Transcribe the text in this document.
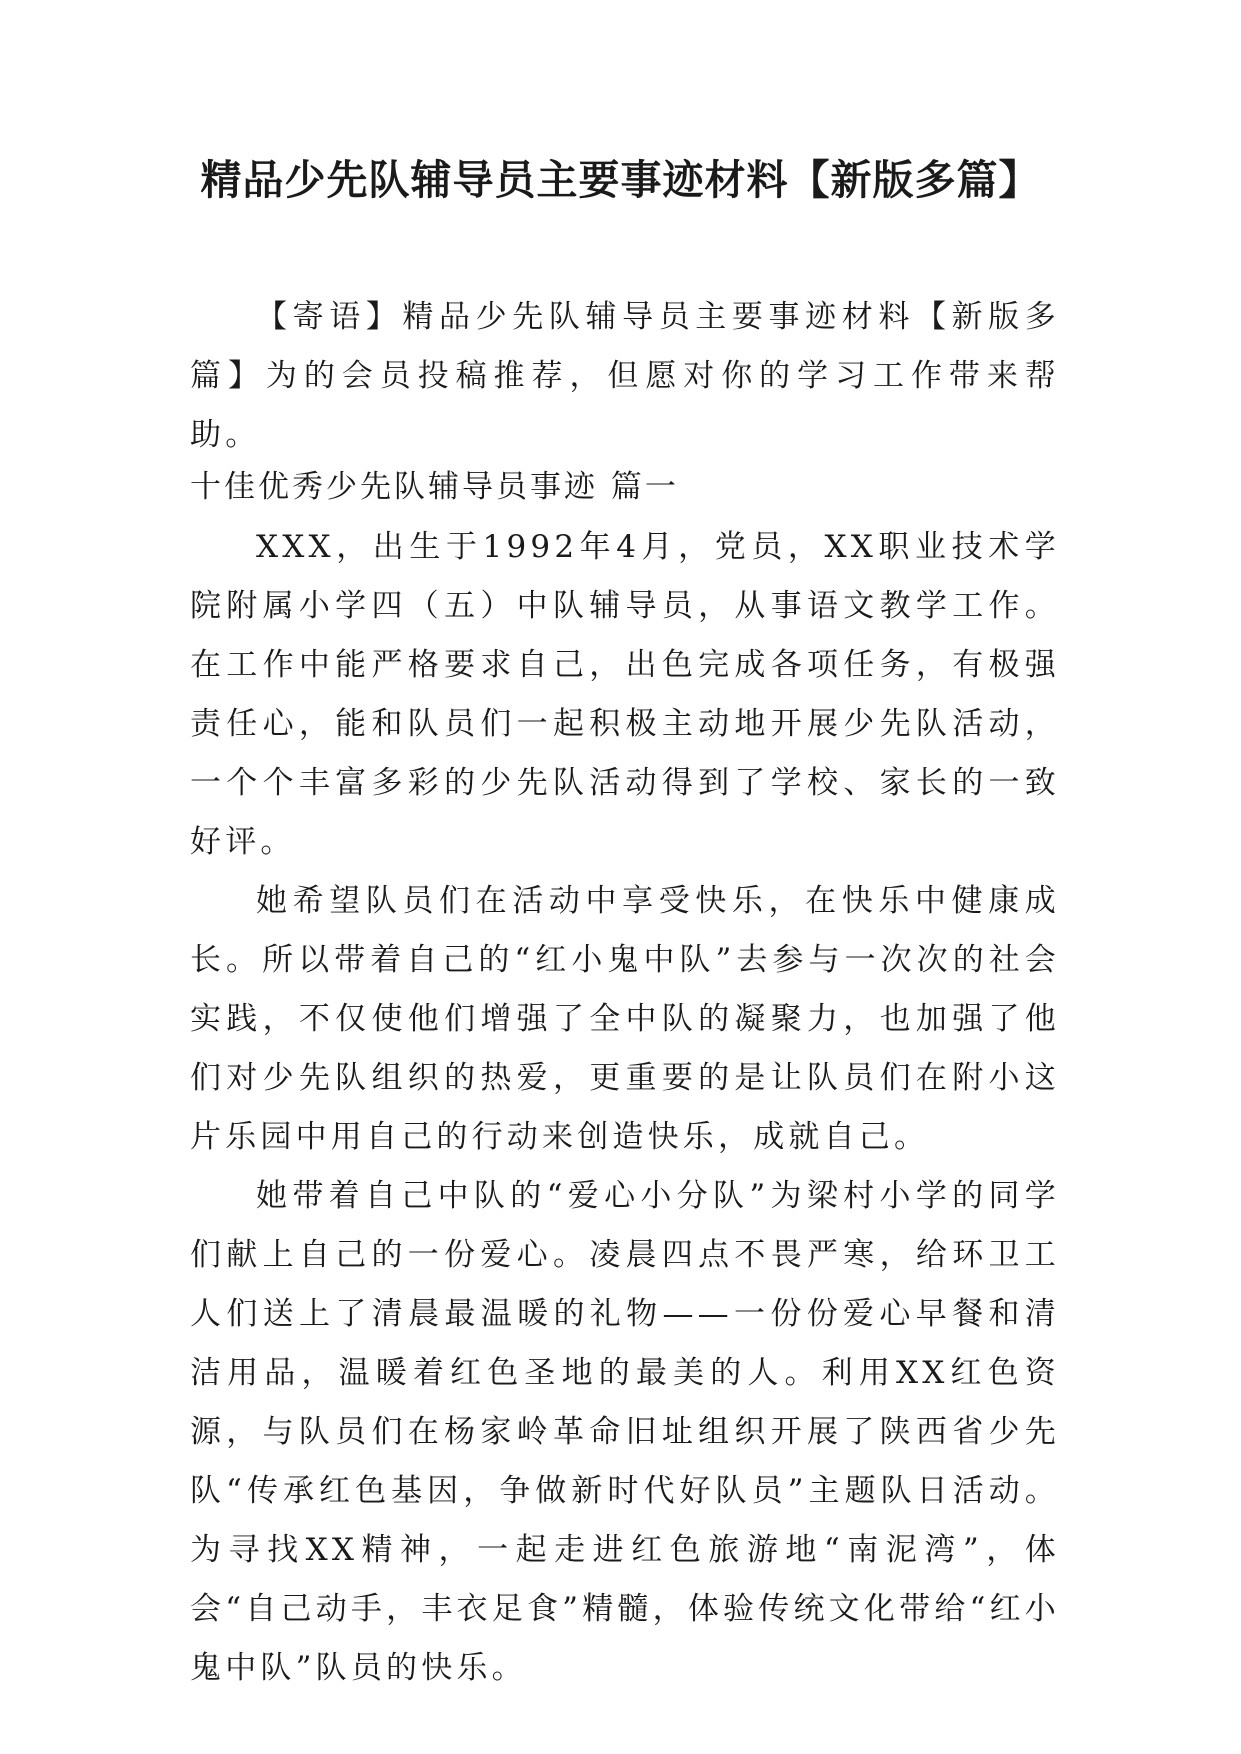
精品少先队辅导员主要事迹材料【新版多篇】

【寄语】精品少先队辅导员主要事迹材料【新版多篇】为的会员投稿推荐，但愿对你的学习工作带来帮助。

十佳优秀少先队辅导员事迹 篇一

XXX，出生于1992年4月，党员，XX职业技术学院附属小学四（五）中队辅导员，从事语文教学工作。在工作中能严格要求自己，出色完成各项任务，有极强责任心，能和队员们一起积极主动地开展少先队活动，一个个丰富多彩的少先队活动得到了学校、家长的一致好评。

她希望队员们在活动中享受快乐，在快乐中健康成长。所以带着自己的“红小鬼中队”去参与一次次的社会实践，不仅使他们增强了全中队的凝聚力，也加强了他们对少先队组织的热爱，更重要的是让队员们在附小这片乐园中用自己的行动来创造快乐，成就自己。

她带着自己中队的“爱心小分队”为梁村小学的同学们献上自己的一份爱心。凌晨四点不畏严寒，给环卫工人们送上了清晨最温暖的礼物——一份份爱心早餐和清洁用品，温暖着红色圣地的最美的人。利用XX红色资源，与队员们在杨家岭革命旧址组织开展了陕西省少先队“传承红色基因，争做新时代好队员”主题队日活动。为寻找XX精神，一起走进红色旅游地“南泥湾”，体会“自己动手，丰衣足食”精髓，体验传统文化带给“红小鬼中队”队员的快乐。
